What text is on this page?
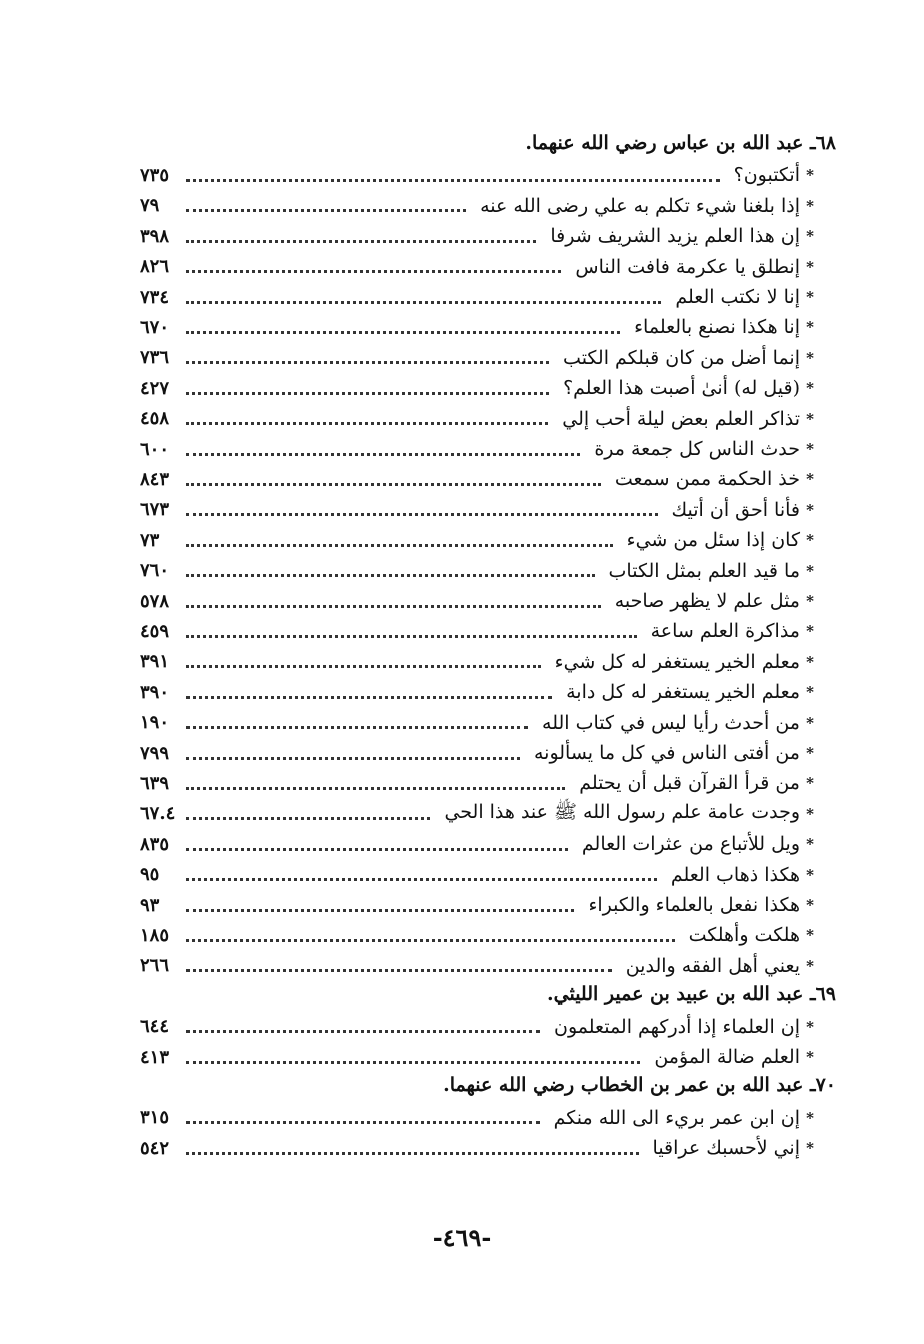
٦٨ـ عبد الله بن عباس رضي الله عنهما.
*
أتكتبون؟
٧٣٥
*
إذا بلغنا شيء تكلم به علي رضى الله عنه
٧٩
*
إن هذا العلم يزيد الشريف شرفا
٣٩٨
*
إنطلق يا عكرمة فافت الناس
٨٢٦
*
إنا لا نكتب العلم
٧٣٤
*
إنا هكذا نصنع بالعلماء
٦٧٠
*
إنما أضل من كان قبلكم الكتب
٧٣٦
*
(قيل له) أنىٰ أصبت هذا العلم؟
٤٢٧
*
تذاكر العلم بعض ليلة أحب إلي
٤٥٨
*
حدث الناس كل جمعة مرة
٦٠٠
*
خذ الحكمة ممن سمعت
٨٤٣
*
فأنا أحق أن أتيك
٦٧٣
*
كان إذا سئل من شيء
٧٣
*
ما قيد العلم بمثل الكتاب
٧٦٠
*
مثل علم لا يظهر صاحبه
٥٧٨
*
مذاكرة العلم ساعة
٤٥٩
*
معلم الخير يستغفر له كل شيء
٣٩١
*
معلم الخير يستغفر له كل دابة
٣٩٠
*
من أحدث رأيا ليس في كتاب الله
١٩٠
*
من أفتى الناس في كل ما يسألونه
٧٩٩
*
من قرأ القرآن قبل أن يحتلم
٦٣٩
*
وجدت عامة علم رسول الله ﷺ عند هذا الحي
٦٧.٤
*
ويل للأتباع من عثرات العالم
٨٣٥
*
هكذا ذهاب العلم
٩٥
*
هكذا نفعل بالعلماء والكبراء
٩٣
*
هلكت وأهلكت
١٨٥
*
يعني أهل الفقه والدين
٢٦٦
٦٩ـ عبد الله بن عبيد بن عمير الليثي.
*
إن العلماء إذا أدركهم المتعلمون
٦٤٤
*
العلم ضالة المؤمن
٤١٣
٧٠ـ عبد الله بن عمر بن الخطاب رضي الله عنهما.
*
إن ابن عمر بريء الى الله منكم
٣١٥
*
إني لأحسبك عراقيا
٥٤٢
-٤٦٩-
